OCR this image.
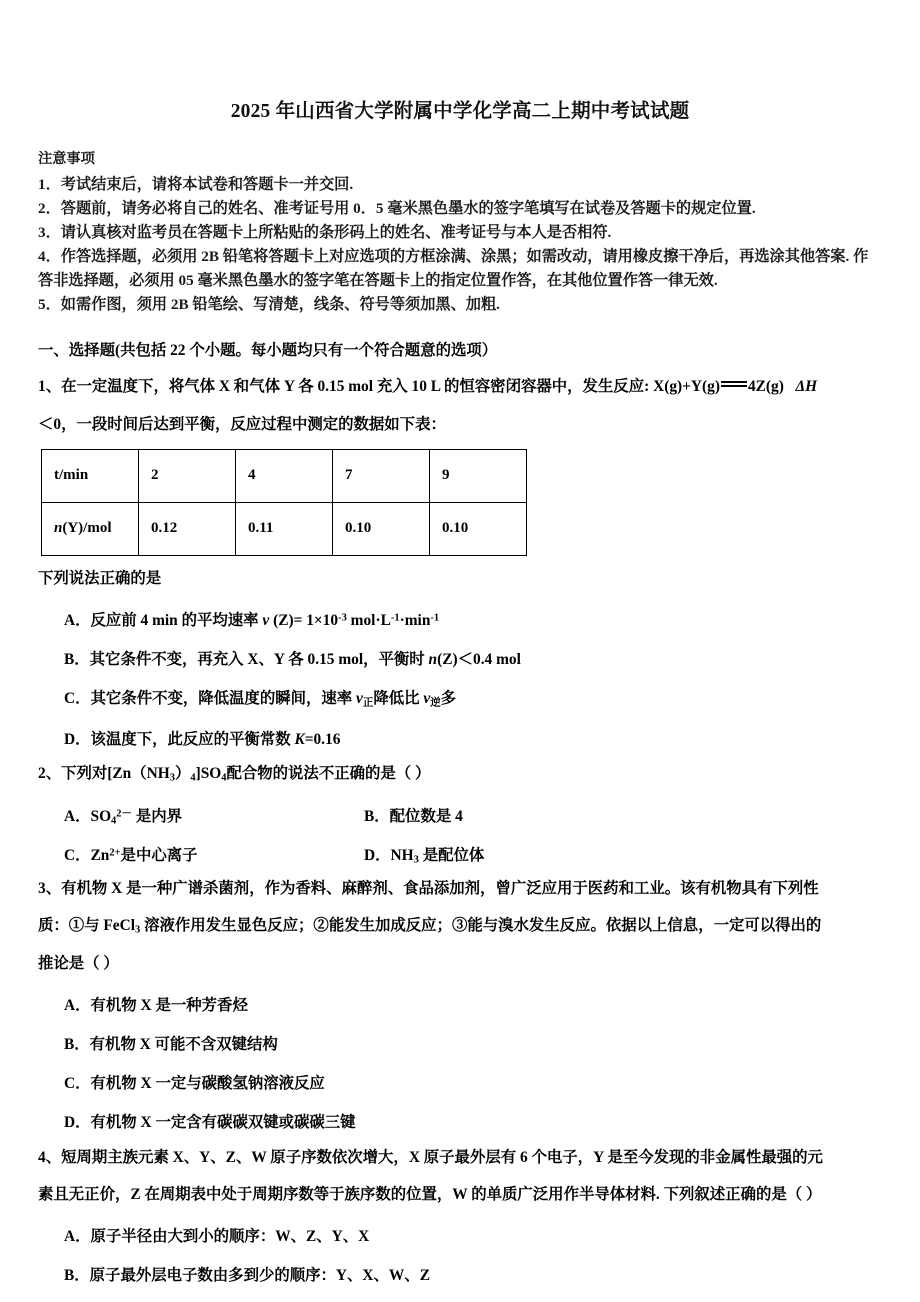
2025 年山西省大学附属中学化学高二上期中考试试题
注意事项
1．考试结束后，请将本试卷和答题卡一并交回.
2．答题前，请务必将自己的姓名、准考证号用 0．5 毫米黑色墨水的签字笔填写在试卷及答题卡的规定位置.
3．请认真核对监考员在答题卡上所粘贴的条形码上的姓名、准考证号与本人是否相符.
4．作答选择题，必须用 2B 铅笔将答题卡上对应选项的方框涂满、涂黑；如需改动，请用橡皮擦干净后，再选涂其他答案. 作答非选择题，必须用 05 毫米黑色墨水的签字笔在答题卡上的指定位置作答，在其他位置作答一律无效.
5．如需作图，须用 2B 铅笔绘、写清楚，线条、符号等须加黑、加粗.
一、选择题(共包括 22 个小题。每小题均只有一个符合题意的选项）
1、在一定温度下，将气体 X 和气体 Y 各 0.15 mol 充入 10 L 的恒容密闭容器中，发生反应: X(g)+Y(g) 4Z(g) ΔH
＜0，一段时间后达到平衡，反应过程中测定的数据如下表：
t/min	2	4	7	9
n(Y)/mol	0.12	0.11	0.10	0.10
下列说法正确的是
A．反应前 4 min 的平均速率 v $(Z)= 1\times 10^{-3}$ $mol\cdot L^{-1}\cdot\min^{-1}$
B．其它条件不变，再充入 X、Y 各 0.15 mol，平衡时 n(Z)＜0.4 mol
C．其它条件不变，降低温度的瞬间，速率 $v_正$降低比 $v_逆$多
D．该温度下，此反应的平衡常数 K=0.16
2、下列对$[Zn(NH_3)_4]SO_4$配合物的说法不正确的是（ ）
A．$SO_4^{2-}$ 是内界	B．配位数是 4
C．$Zn^{2+}$是中心离子	D．$NH_3$ 是配位体
3、有机物 X 是一种广谱杀菌剂，作为香料、麻醉剂、食品添加剂，曾广泛应用于医药和工业。该有机物具有下列性
质：①与 FeCl$_3$ 溶液作用发生显色反应；②能发生加成反应；③能与溴水发生反应。依据以上信息，一定可以得出的
推论是（ ）
A．有机物 X 是一种芳香烃
B．有机物 X 可能不含双键结构
C．有机物 X 一定与碳酸氢钠溶液反应
D．有机物 X 一定含有碳碳双键或碳碳三键
4、短周期主族元素 X、Y、Z、W 原子序数依次增大，X 原子最外层有 6 个电子，Y 是至今发现的非金属性最强的元
素且无正价，Z 在周期表中处于周期序数等于族序数的位置，W 的单质广泛用作半导体材料. 下列叙述正确的是（ ）
A．原子半径由大到小的顺序：W、Z、Y、X
B．原子最外层电子数由多到少的顺序：Y、X、W、Z
